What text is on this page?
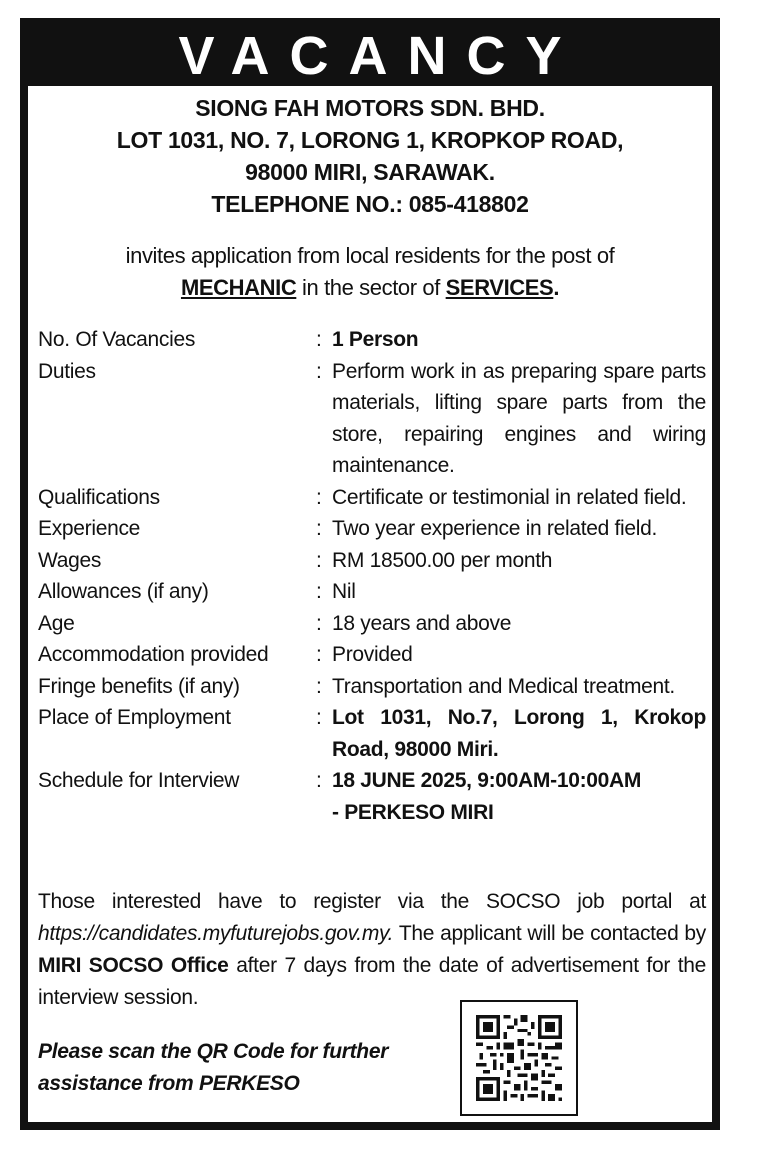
VACANCY
SIONG FAH MOTORS SDN. BHD.
LOT 1031, NO. 7, LORONG 1, KROPKOP ROAD,
98000 MIRI, SARAWAK.
TELEPHONE NO.: 085-418802
invites application from local residents for the post of
MECHANIC in the sector of SERVICES.
No. Of Vacancies	: 1 Person
Duties	: Perform work in as preparing spare parts materials, lifting spare parts from the store, repairing engines and wiring maintenance.
Qualifications	: Certificate or testimonial in related field.
Experience	: Two year experience in related field.
Wages	: RM 18500.00 per month
Allowances (if any)	: Nil
Age	: 18 years and above
Accommodation provided	: Provided
Fringe benefits (if any)	: Transportation and Medical treatment.
Place of Employment	: Lot 1031, No.7, Lorong 1, Krokop Road, 98000 Miri.
Schedule for Interview	: 18 JUNE 2025, 9:00AM-10:00AM
- PERKESO MIRI
Those interested have to register via the SOCSO job portal at https://candidates.myfuturejobs.gov.my. The applicant will be contacted by MIRI SOCSO Office after 7 days from the date of advertisement for the interview session.
Please scan the QR Code for further
assistance from PERKESO
